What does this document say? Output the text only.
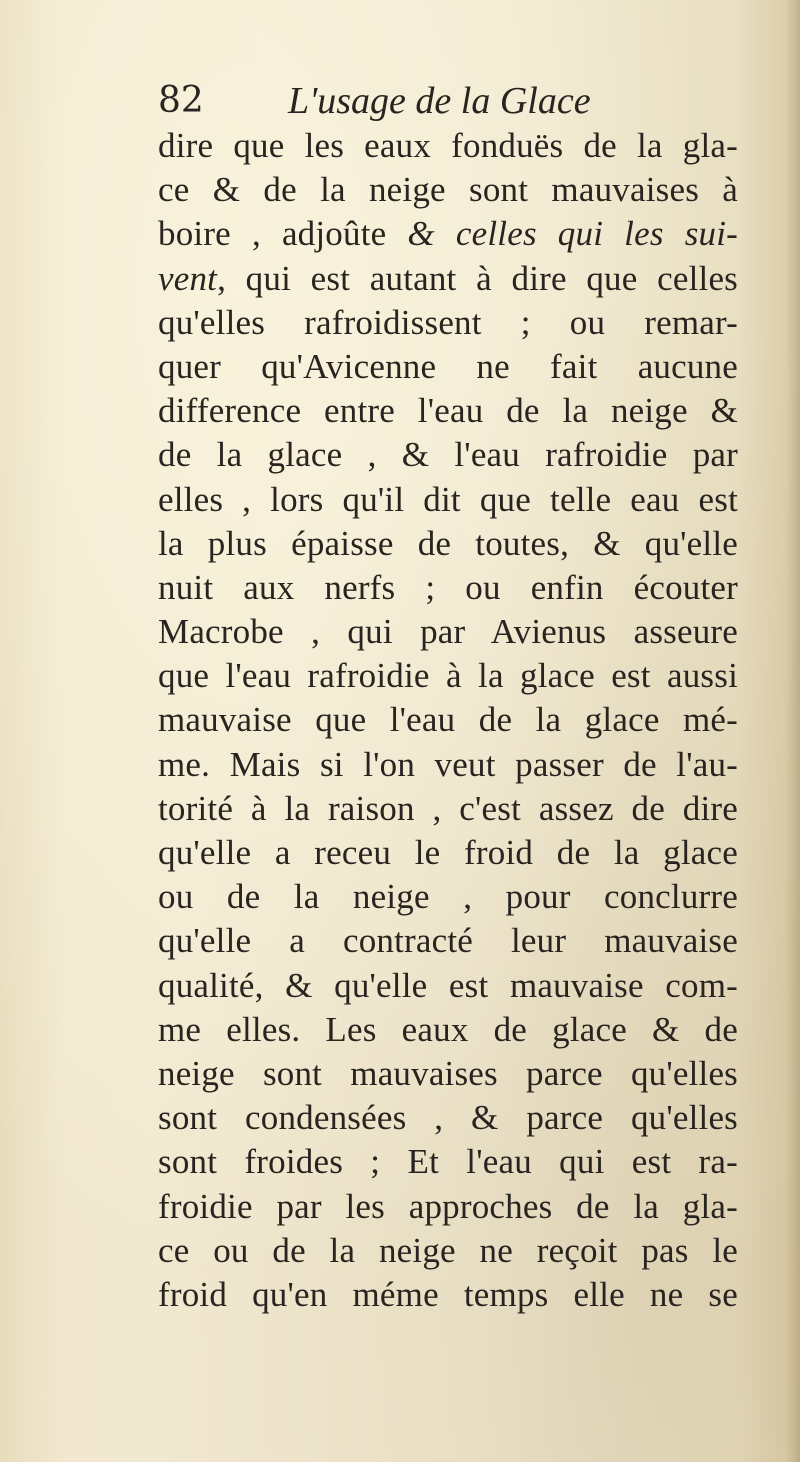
82 L'usage de la Glace
dire que les eaux fonduës de la gla-
ce & de la neige sont mauvaises à
boire , adjoûte & celles qui les sui-
vent, qui est autant à dire que celles
qu'elles rafroidissent ; ou remar-
quer qu'Avicenne ne fait aucune
difference entre l'eau de la neige &
de la glace , & l'eau rafroidie par
elles , lors qu'il dit que telle eau est
la plus épaisse de toutes, & qu'elle
nuit aux nerfs ; ou enfin écouter
Macrobe , qui par Avienus asseure
que l'eau rafroidie à la glace est aussi
mauvaise que l'eau de la glace mé-
me. Mais si l'on veut passer de l'au-
torité à la raison , c'est assez de dire
qu'elle a receu le froid de la glace
ou de la neige , pour conclurre
qu'elle a contracté leur mauvaise
qualité, & qu'elle est mauvaise com-
me elles. Les eaux de glace & de
neige sont mauvaises parce qu'elles
sont condensées , & parce qu'elles
sont froides ; Et l'eau qui est ra-
froidie par les approches de la gla-
ce ou de la neige ne reçoit pas le
froid qu'en méme temps elle ne se
